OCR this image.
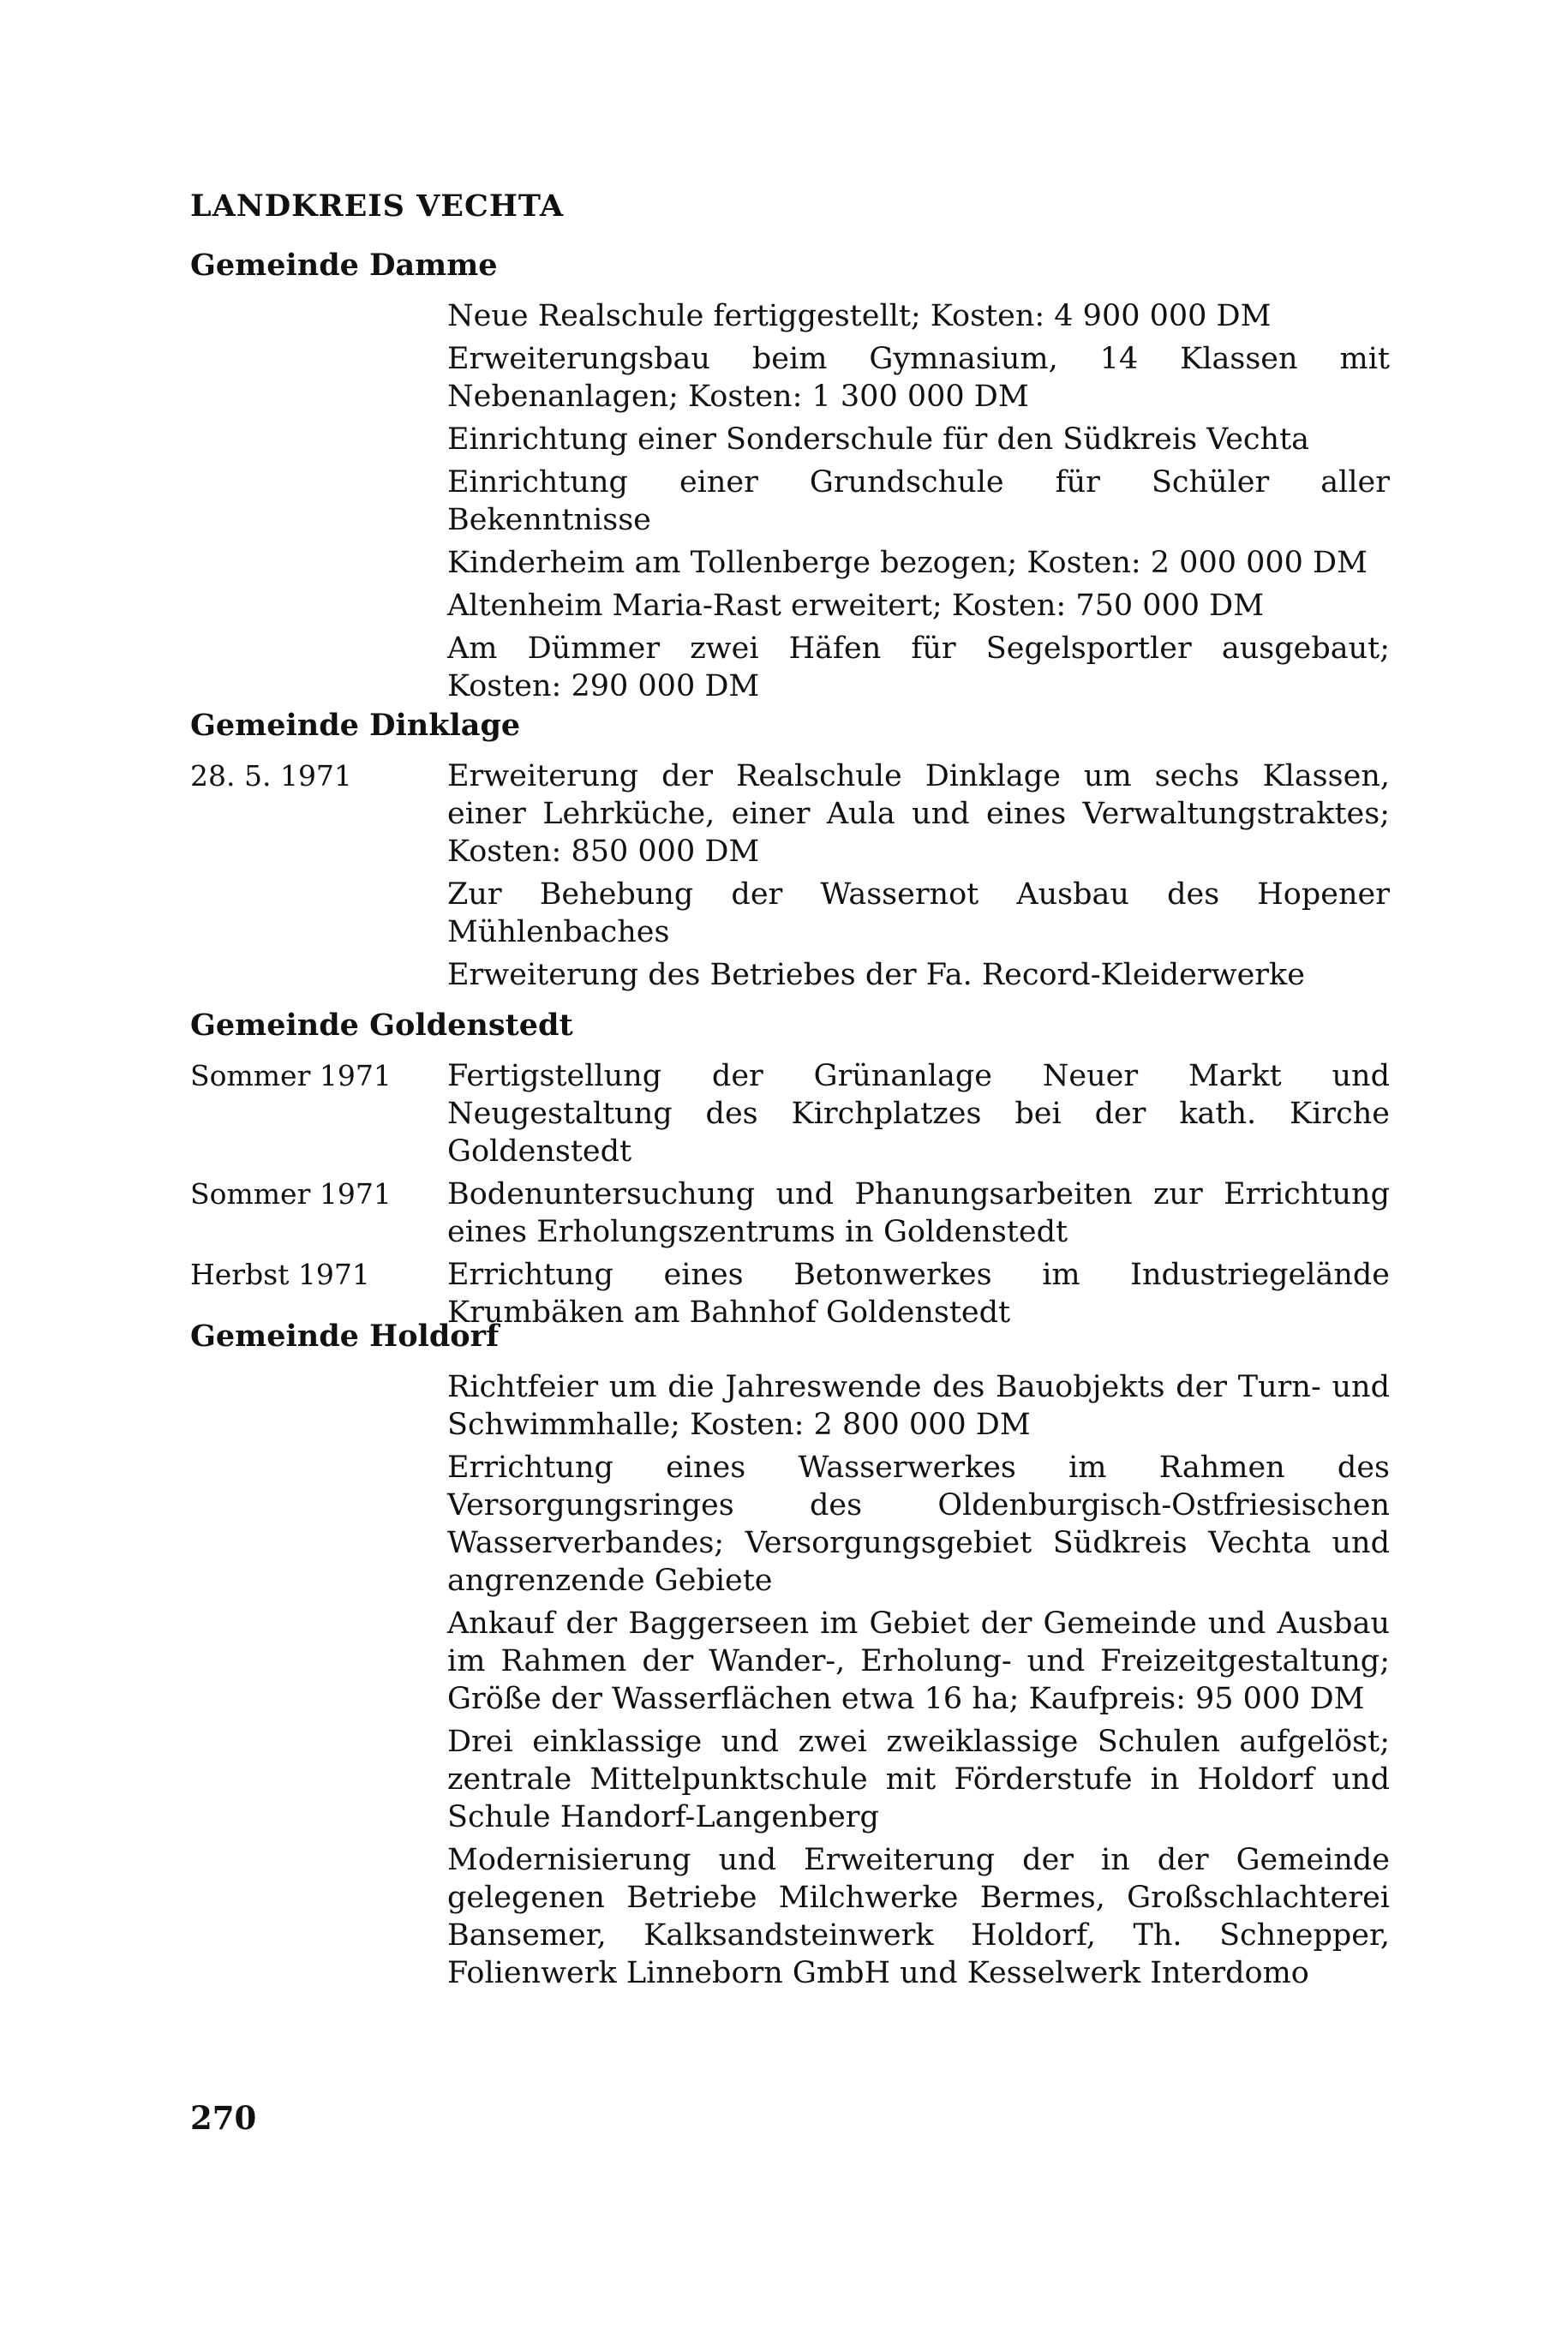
LANDKREIS VECHTA
Gemeinde Damme
Neue Realschule fertiggestellt; Kosten: 4 900 000 DM
Erweiterungsbau beim Gymnasium, 14 Klassen mit Nebenanlagen; Kosten: 1 300 000 DM
Einrichtung einer Sonderschule für den Südkreis Vechta
Einrichtung einer Grundschule für Schüler aller Bekenntnisse
Kinderheim am Tollenberge bezogen; Kosten: 2 000 000 DM
Altenheim Maria-Rast erweitert; Kosten: 750 000 DM
Am Dümmer zwei Häfen für Segelsportler ausgebaut; Kosten: 290 000 DM
Gemeinde Dinklage
28. 5. 1971	Erweiterung der Realschule Dinklage um sechs Klassen, einer Lehrküche, einer Aula und eines Verwaltungstraktes; Kosten: 850 000 DM
Zur Behebung der Wassernot Ausbau des Hopener Mühlenbaches
Erweiterung des Betriebes der Fa. Record-Kleiderwerke
Gemeinde Goldenstedt
Sommer 1971	Fertigstellung der Grünanlage Neuer Markt und Neugestaltung des Kirchplatzes bei der kath. Kirche Goldenstedt
Sommer 1971	Bodenuntersuchung und Phanungsarbeiten zur Errichtung eines Erholungszentrums in Goldenstedt
Herbst 1971	Errichtung eines Betonwerkes im Industriegelände Krumbäken am Bahnhof Goldenstedt
Gemeinde Holdorf
Richtfeier um die Jahreswende des Bauobjekts der Turn- und Schwimmhalle; Kosten: 2 800 000 DM
Errichtung eines Wasserwerkes im Rahmen des Versorgungsringes des Oldenburgisch-Ostfriesischen Wasserverbandes; Versorgungsgebiet Südkreis Vechta und angrenzende Gebiete
Ankauf der Baggerseen im Gebiet der Gemeinde und Ausbau im Rahmen der Wander-, Erholung- und Freizeitgestaltung; Größe der Wasserflächen etwa 16 ha; Kaufpreis: 95 000 DM
Drei einklassige und zwei zweiklassige Schulen aufgelöst; zentrale Mittelpunktschule mit Förderstufe in Holdorf und Schule Handorf-Langenberg
Modernisierung und Erweiterung der in der Gemeinde gelegenen Betriebe Milchwerke Bermes, Großschlachterei Bansemer, Kalksandsteinwerk Holdorf, Th. Schnepper, Folienwerk Linneborn GmbH und Kesselwerk Interdomo
270
